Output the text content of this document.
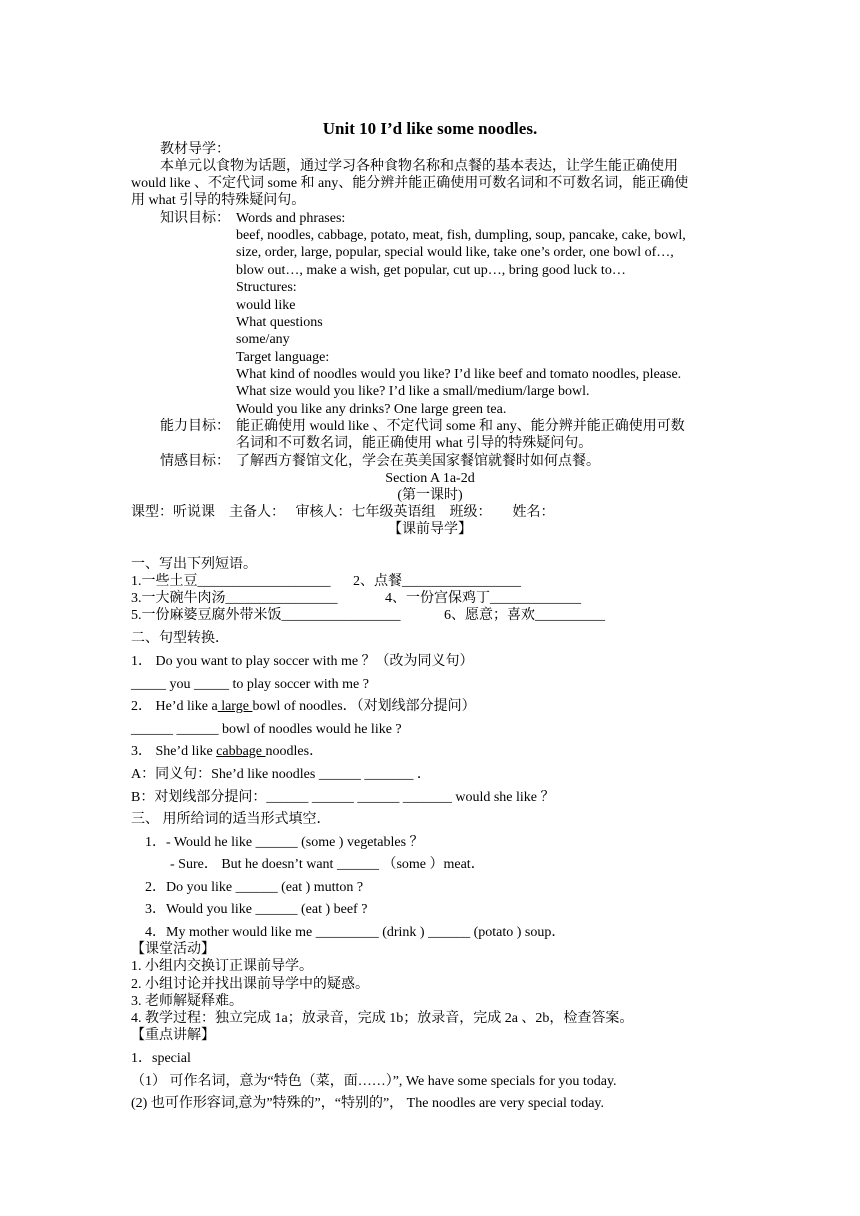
Unit 10 I’d like some noodles.
教材导学：
本单元以食物为话题，通过学习各种食物名称和点餐的基本表达，让学生能正确使用
would like 、不定代词 some 和 any、能分辨并能正确使用可数名词和不可数名词，能正确使
用 what 引导的特殊疑问句。
知识目标： Words and phrases:
beef, noodles, cabbage, potato, meat, fish, dumpling, soup, pancake, cake, bowl,
size, order, large, popular, special would like, take one’s order, one bowl of…,
blow out…, make a wish, get popular, cut up…, bring good luck to…
Structures:
would like
What questions
some/any
Target language:
What kind of noodles would you like? I’d like beef and tomato noodles, please.
What size would you like? I’d like a small/medium/large bowl.
Would you like any drinks? One large green tea.
能力目标： 能正确使用 would like 、不定代词 some 和 any、能分辨并能正确使用可数
名词和不可数名词，能正确使用 what 引导的特殊疑问句。
情感目标： 了解西方餐馆文化，学会在英美国家餐馆就餐时如何点餐。
Section A 1a-2d
(第一课时)
课型：听说课　主备人：　 审核人：七年级英语组　班级：　　姓名：
【课前导学】
一、写出下列短语。
1.一些土豆___________________ 2、点餐_________________
3.一大碗牛肉汤________________	4、一份宫保鸡丁_____________
5.一份麻婆豆腐外带米饭_________________	6、愿意；喜欢__________
二、句型转换．
1． Do you want to play soccer with me ？（改为同义句）
_____ you _____ to play soccer with me ?
2． He’d like a large bowl of noodles．（对划线部分提问）
______ ______ bowl of noodles would he like ?
3． She’d like cabbage noodles．
A：同义句：She’d like noodles ______ _______ ．
B：对划线部分提问：______ ______ ______ _______ would she like ？
三、 用所给词的适当形式填空．
1．- Would he like ______ (some ) vegetables ？
- Sure． But he doesn’t want ______ （some ）meat．
2．Do you like ______ (eat ) mutton ?
3．Would you like ______ (eat ) beef ?
4．My mother would like me _________ (drink ) ______ (potato ) soup．
【课堂活动】
1. 小组内交换订正课前导学。
2. 小组讨论并找出课前导学中的疑惑。
3. 老师解疑释难。
4. 教学过程：独立完成 1a；放录音，完成 1b；放录音，完成 2a 、2b，检查答案。
【重点讲解】
1．special
（1） 可作名词，意为“特色（菜，面……）”, We have some specials for you today.
(2) 也可作形容词,意为”特殊的”，“特别的”， The noodles are very special today.
